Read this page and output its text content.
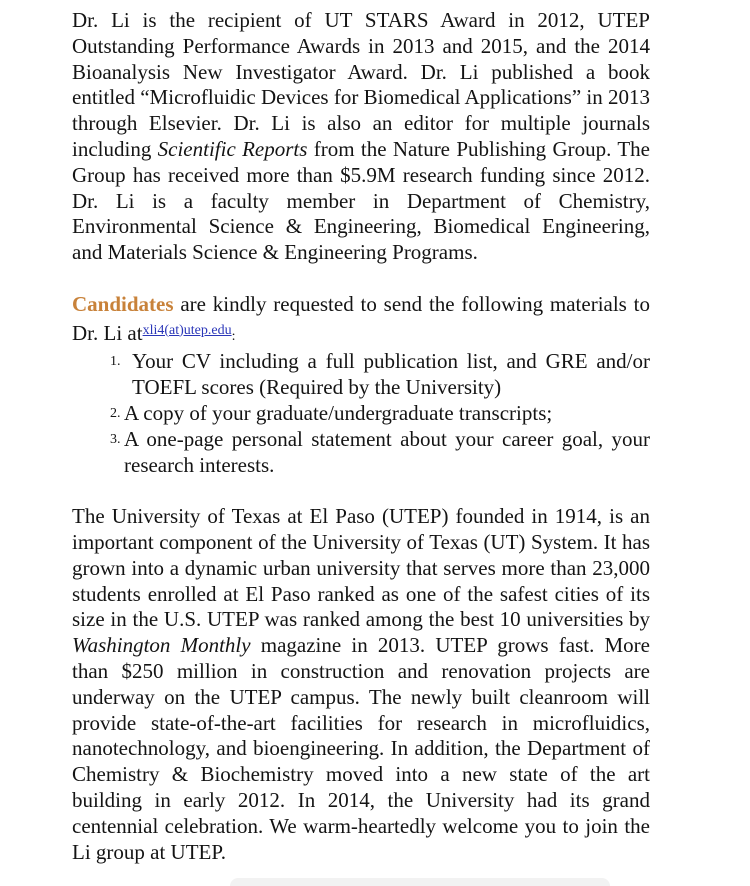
Dr. Li is the recipient of UT STARS Award in 2012, UTEP Outstanding Performance Awards in 2013 and 2015, and the 2014 Bioanalysis New Investigator Award. Dr. Li published a book entitled “Microfluidic Devices for Biomedical Applications” in 2013 through Elsevier. Dr. Li is also an editor for multiple journals including Scientific Reports from the Nature Publishing Group. The Group has received more than $5.9M research funding since 2012. Dr. Li is a faculty member in Department of Chemistry, Environmental Science & Engineering, Biomedical Engineering, and Materials Science & Engineering Programs.

Candidates are kindly requested to send the following materials to Dr. Li $at^{xli4(at)utep.edu}$:

1. Your CV including a full publication list, and GRE and/or TOEFL scores (Required by the University)
2. A copy of your graduate/undergraduate transcripts;
3. A one-page personal statement about your career goal, your research interests.

The University of Texas at El Paso (UTEP) founded in 1914, is an important component of the University of Texas (UT) System. It has grown into a dynamic urban university that serves more than 23,000 students enrolled at El Paso ranked as one of the safest cities of its size in the U.S. UTEP was ranked among the best 10 universities by Washington Monthly magazine in 2013. UTEP grows fast. More than $250 million in construction and renovation projects are underway on the UTEP campus. The newly built cleanroom will provide state-of-the-art facilities for research in microfluidics, nanotechnology, and bioengineering. In addition, the Department of Chemistry & Biochemistry moved into a new state of the art building in early 2012. In 2014, the University had its grand centennial celebration. We warm-heartedly welcome you to join the Li group at UTEP.
